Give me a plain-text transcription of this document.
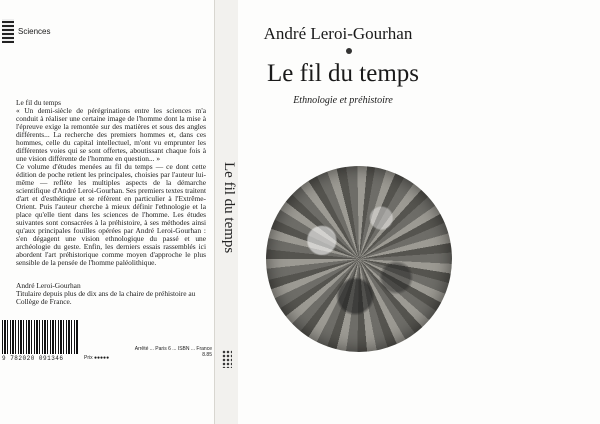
Sciences

Le fil du temps

« Un demi-siècle de pérégrinations entre les sciences m'a conduit à réaliser une certaine image de l'homme dont la mise à l'épreuve exige la remontée sur des matières et sous des angles différents... La recherche des premiers hommes et, dans ces hommes, celle du capital intellectuel, m'ont vu emprunter les différentes voies qui se sont offertes, aboutissant chaque fois à une vision différente de l'homme en question... »

Ce volume d'études menées au fil du temps — ce dont cette édition de poche retient les principales, choisies par l'auteur lui-même — reflète les multiples aspects de la démarche scientifique d'André Leroi-Gourhan. Ses premiers textes traitent d'art et d'esthétique et se réfèrent en particulier à l'Extrême-Orient. Puis l'auteur cherche à mieux définir l'ethnologie et la place qu'elle tient dans les sciences de l'homme. Les études suivantes sont consacrées à la préhistoire, à ses méthodes ainsi qu'aux principales fouilles opérées par André Leroi-Gourhan : s'en dégagent une vision ethnologique du passé et une archéologie du geste. Enfin, les derniers essais rassemblés ici abordent l'art préhistorique comme moyen d'approche le plus sensible de la pensée de l'homme paléolithique.

André Leroi-Gourhan

Titulaire depuis plus de dix ans de la chaire de préhistoire au Collège de France.

9 782020 091346	Prix ●●●●●
Arrêté ... Paris 6 ... ISBN ... France 8.85
Le fil du temps
André Leroi-Gourhan
Le fil du temps
Ethnologie et préhistoire
